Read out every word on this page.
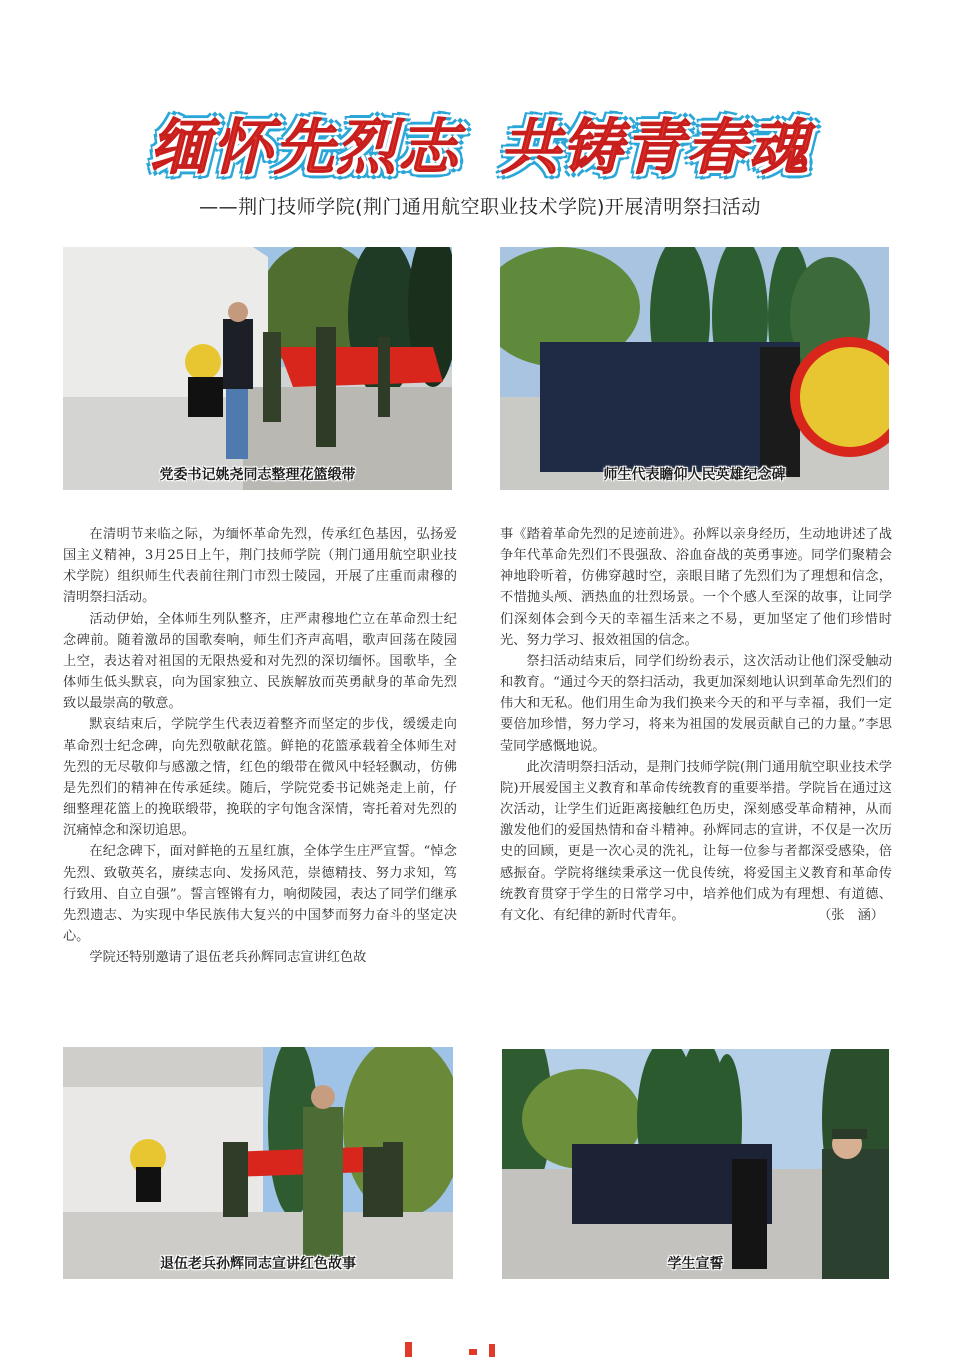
缅怀先烈志 共铸青春魂
——荆门技师学院(荆门通用航空职业技术学院)开展清明祭扫活动
党委书记姚尧同志整理花篮缎带	师生代表瞻仰人民英雄纪念碑

在清明节来临之际，为缅怀革命先烈，传承红色基因，弘扬爱国主义精神，3月25日上午，荆门技师学院（荆门通用航空职业技术学院）组织师生代表前往荆门市烈士陵园，开展了庄重而肃穆的清明祭扫活动。

活动伊始，全体师生列队整齐，庄严肃穆地伫立在革命烈士纪念碑前。随着激昂的国歌奏响，师生们齐声高唱，歌声回荡在陵园上空，表达着对祖国的无限热爱和对先烈的深切缅怀。国歌毕，全体师生低头默哀，向为国家独立、民族解放而英勇献身的革命先烈致以最崇高的敬意。

默哀结束后，学院学生代表迈着整齐而坚定的步伐，缓缓走向革命烈士纪念碑，向先烈敬献花篮。鲜艳的花篮承载着全体师生对先烈的无尽敬仰与感激之情，红色的缎带在微风中轻轻飘动，仿佛是先烈们的精神在传承延续。随后，学院党委书记姚尧走上前，仔细整理花篮上的挽联缎带，挽联的字句饱含深情，寄托着对先烈的沉痛悼念和深切追思。

在纪念碑下，面对鲜艳的五星红旗，全体学生庄严宣誓。“悼念先烈、致敬英名，赓续志向、发扬风范，崇德精技、努力求知，笃行致用、自立自强”。誓言铿锵有力，响彻陵园，表达了同学们继承先烈遗志、为实现中华民族伟大复兴的中国梦而努力奋斗的坚定决心。

学院还特别邀请了退伍老兵孙辉同志宣讲红色故

事《踏着革命先烈的足迹前进》。孙辉以亲身经历，生动地讲述了战争年代革命先烈们不畏强敌、浴血奋战的英勇事迹。同学们聚精会神地聆听着，仿佛穿越时空，亲眼目睹了先烈们为了理想和信念，不惜抛头颅、洒热血的壮烈场景。一个个感人至深的故事，让同学们深刻体会到今天的幸福生活来之不易，更加坚定了他们珍惜时光、努力学习、报效祖国的信念。

祭扫活动结束后，同学们纷纷表示，这次活动让他们深受触动和教育。“通过今天的祭扫活动，我更加深刻地认识到革命先烈们的伟大和无私。他们用生命为我们换来今天的和平与幸福，我们一定要倍加珍惜，努力学习，将来为祖国的发展贡献自己的力量。”李思莹同学感慨地说。

此次清明祭扫活动，是荆门技师学院(荆门通用航空职业技术学院)开展爱国主义教育和革命传统教育的重要举措。学院旨在通过这次活动，让学生们近距离接触红色历史，深刻感受革命精神，从而激发他们的爱国热情和奋斗精神。孙辉同志的宣讲，不仅是一次历史的回顾，更是一次心灵的洗礼，让每一位参与者都深受感染，倍感振奋。学院将继续秉承这一优良传统，将爱国主义教育和革命传统教育贯穿于学生的日常学习中，培养他们成为有理想、有道德、有文化、有纪律的新时代青年。	（张　涵）
退伍老兵孙辉同志宣讲红色故事	学生宣誓
